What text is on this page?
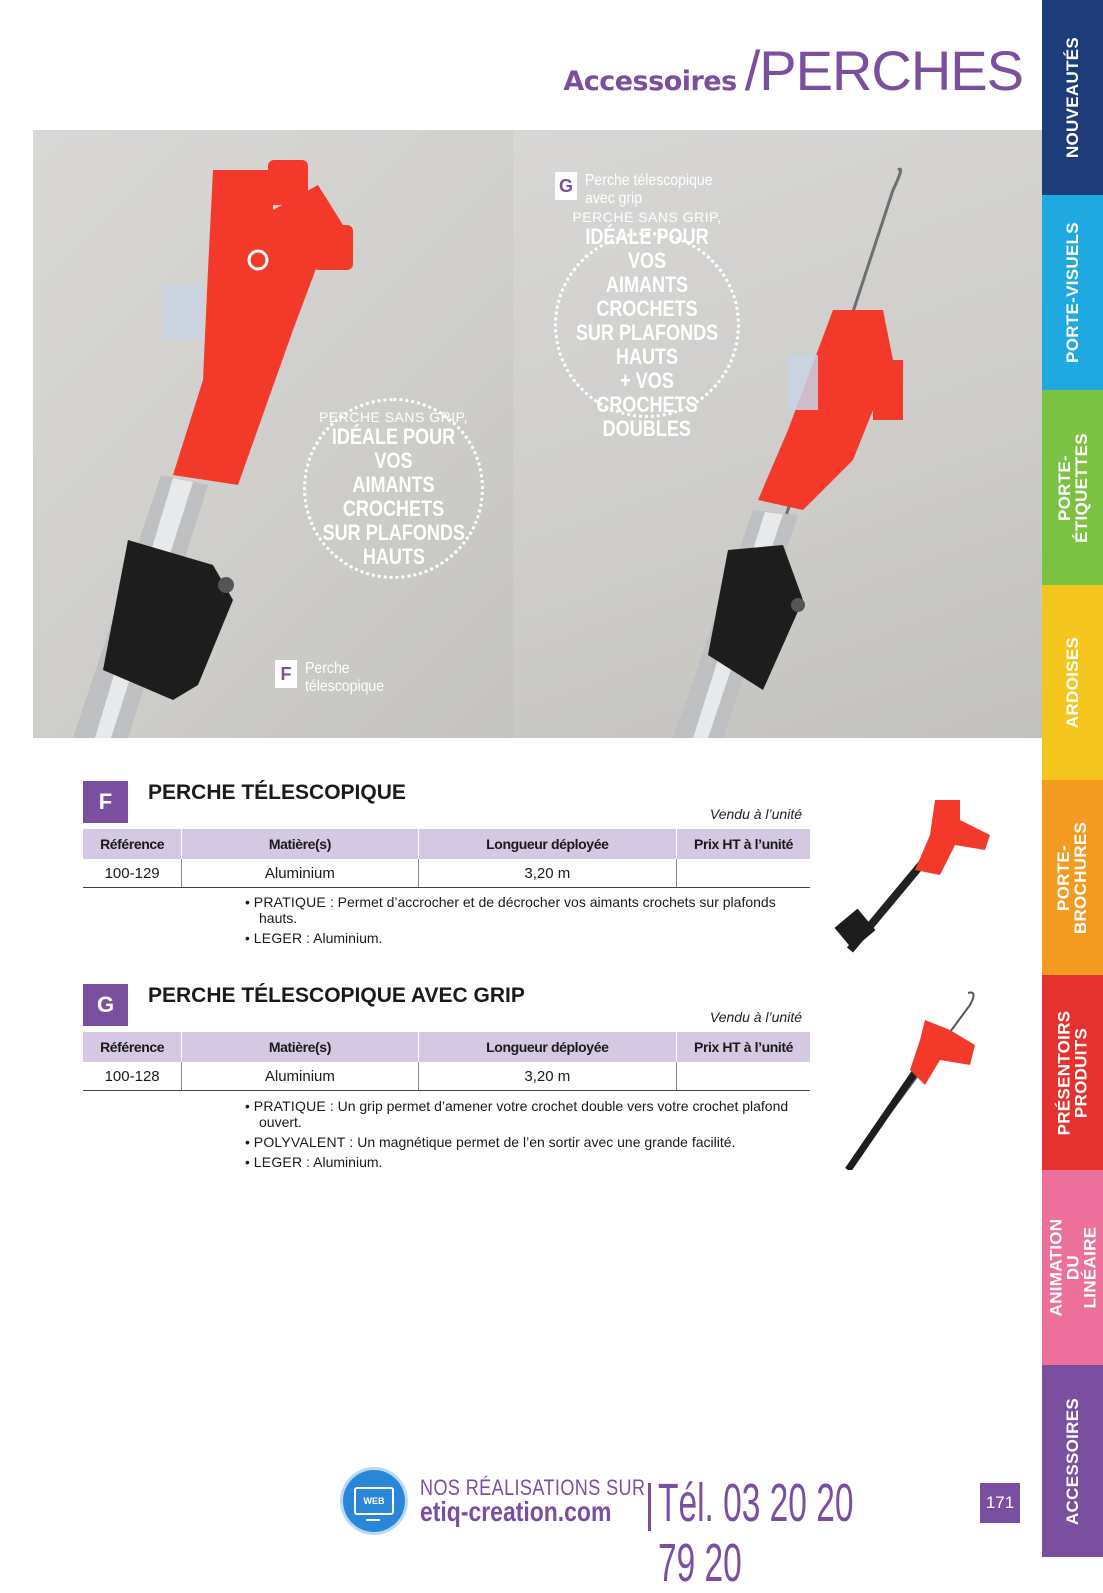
Accessoires /PERCHES
PERCHE SANS GRIP,
IDÉALE POUR VOS
AIMANTS CROCHETS
SUR PLAFONDS
HAUTS
F Perche télescopique
G Perche télescopique avec grip
PERCHE SANS GRIP,
IDÉALE POUR VOS
AIMANTS CROCHETS
SUR PLAFONDS HAUTS
+ VOS CROCHETS
DOUBLES
F	PERCHE TÉLESCOPIQUE
Vendu à l’unité
Référence	Matière(s)	Longueur déployée	Prix HT à l’unité
100-129	Aluminium	3,20 m	
• PRATIQUE : Permet d’accrocher et de décrocher vos aimants crochets sur plafonds hauts.
• LEGER : Aluminium.
G	PERCHE TÉLESCOPIQUE AVEC GRIP
Vendu à l’unité
Référence	Matière(s)	Longueur déployée	Prix HT à l’unité
100-128	Aluminium	3,20 m	
• PRATIQUE : Un grip permet d’amener votre crochet double vers votre crochet plafond ouvert.
• POLYVALENT : Un magnétique permet de l’en sortir avec une grande facilité.
• LEGER : Aluminium.
NOUVEAUTÉS
PORTE-VISUELS
PORTE- ÉTIQUETTES
ARDOISES
PORTE- BROCHURES
PRÉSENTOIRS PRODUITS
ANIMATION DU LINÉAIRE
ACCESSOIRES
WEB
NOS RÉALISATIONS SUR
etiq-creation.com Tél. 03 20 20 79 20
171
